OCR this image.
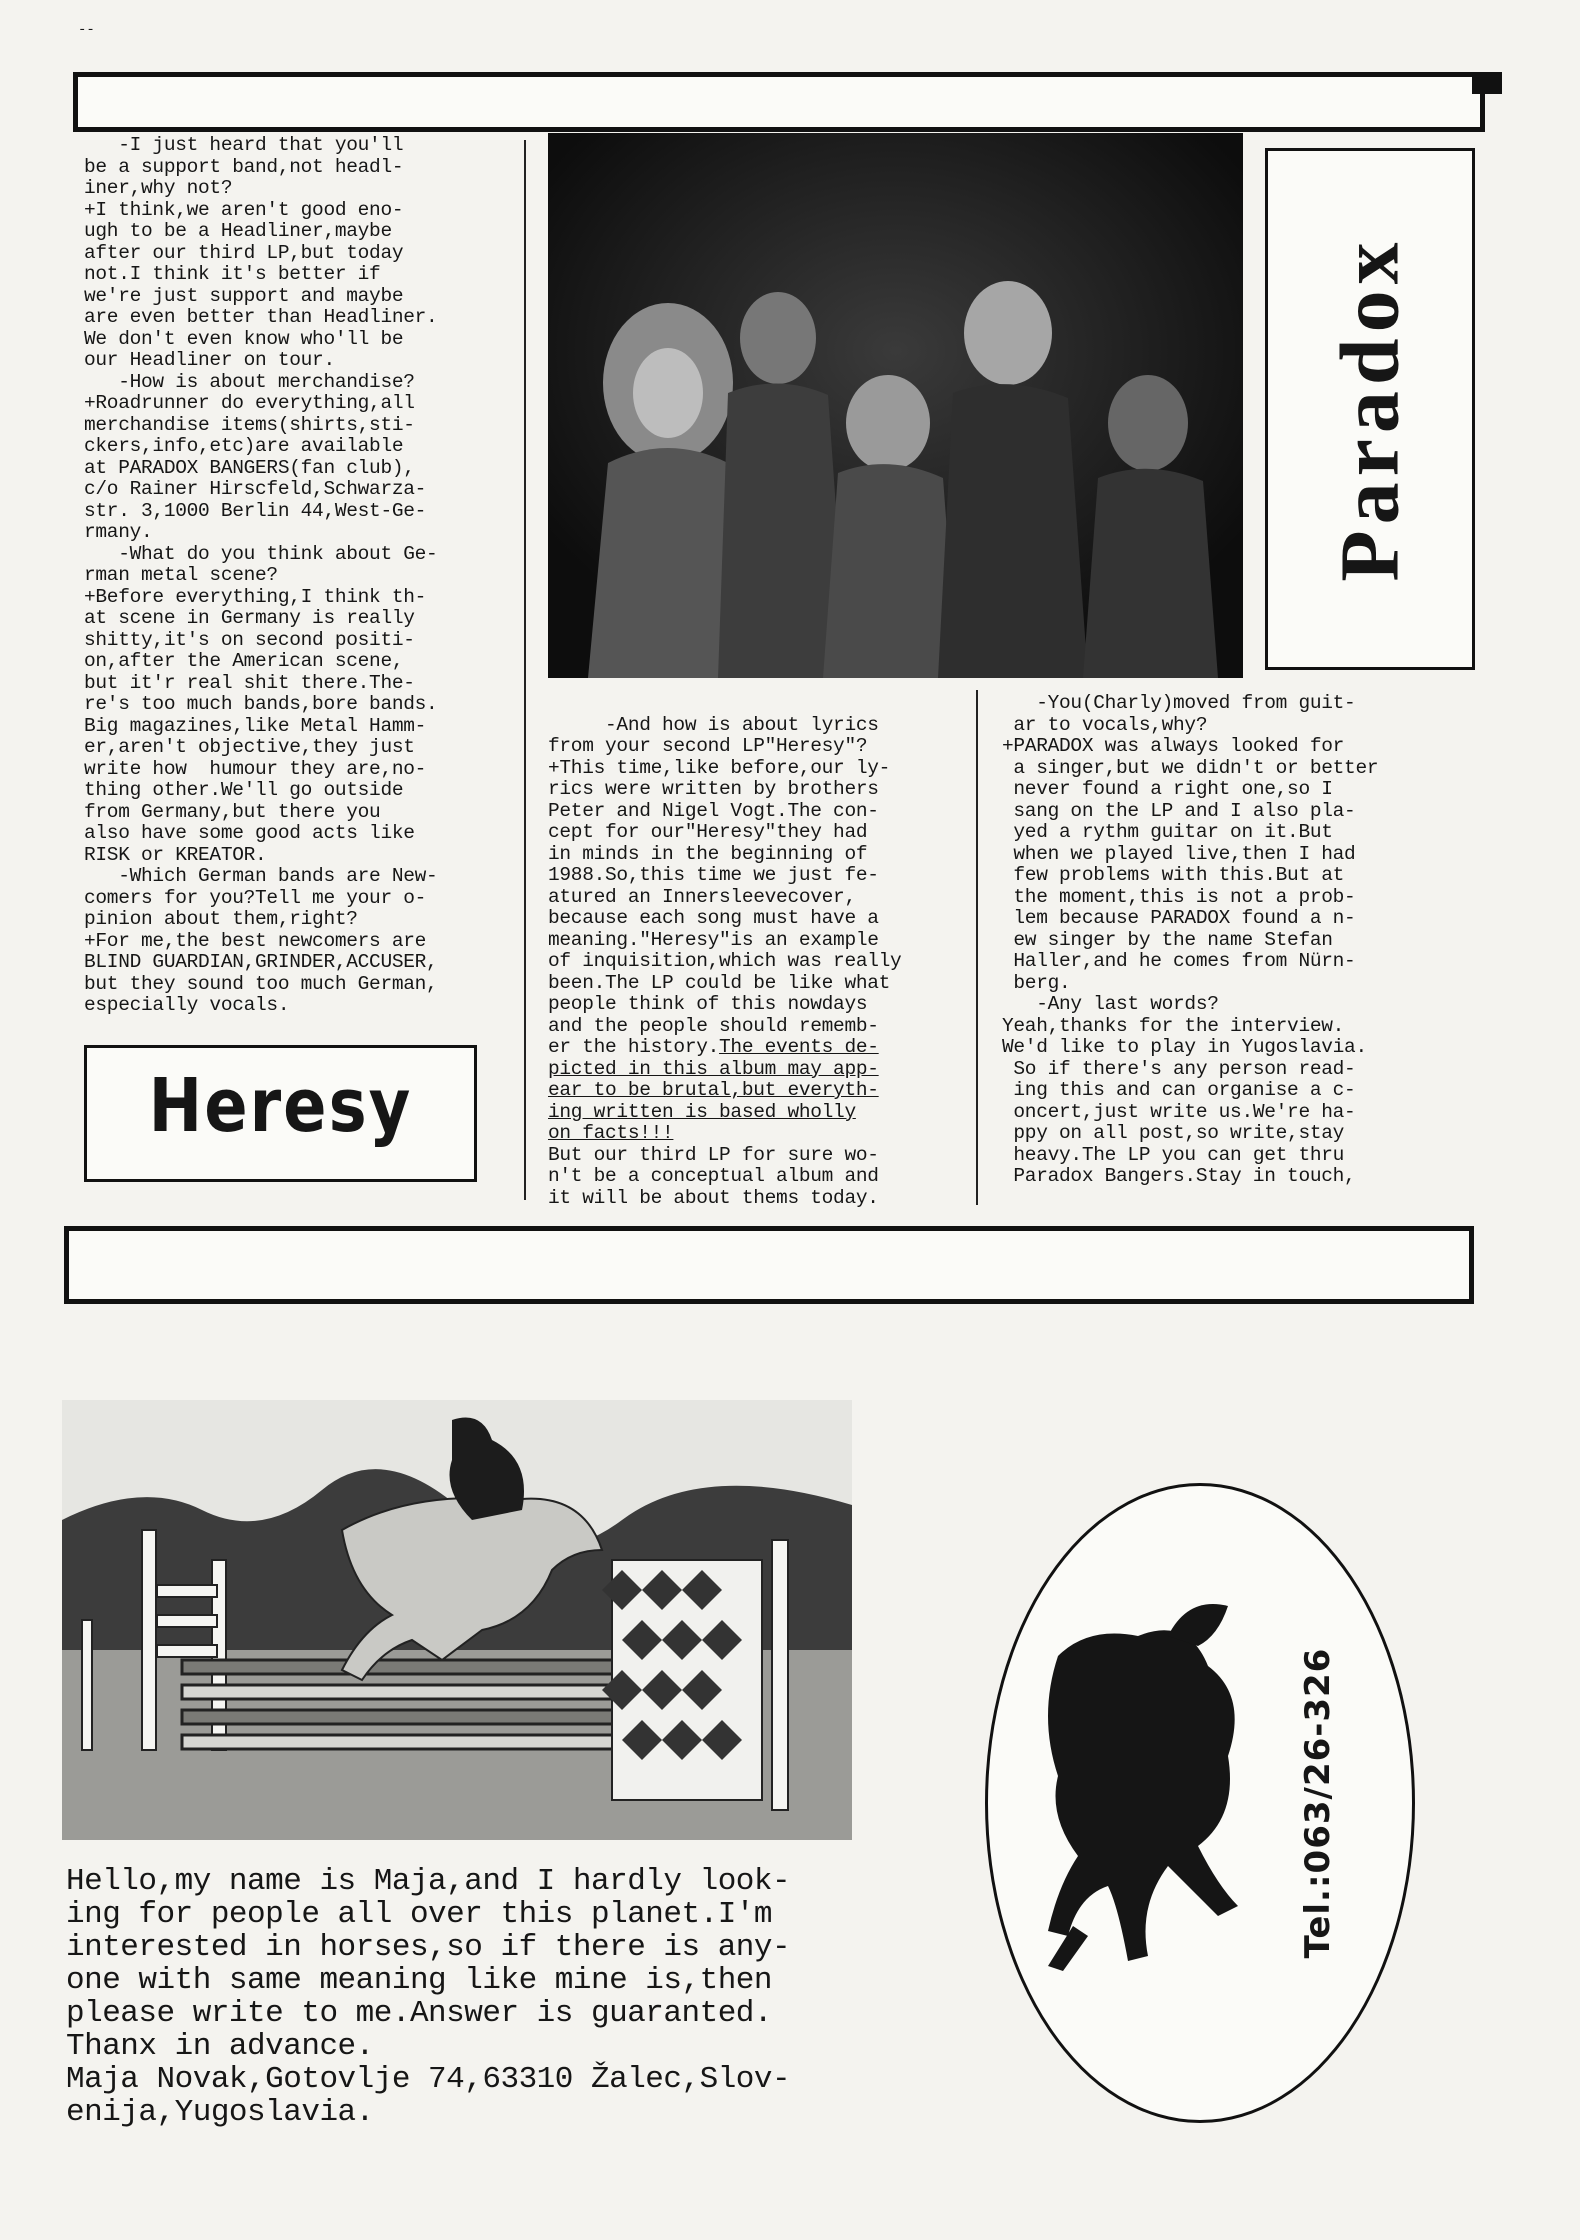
--
-I just heard that you′ll
be a support band,not headl-
iner,why not?
+I think,we aren′t good eno-
ugh to be a Headliner,maybe
after our third LP,but today
not.I think it′s better if
we′re just support and maybe
are even better than Headliner.
We don′t even know who′ll be
our Headliner on tour.
-How is about merchandise?
+Roadrunner do everything,all
merchandise items(shirts,sti-
ckers,info,etc)are available
at PARADOX BANGERS(fan club),
c/o Rainer Hirscfeld,Schwarza-
str. 3,1000 Berlin 44,West-Ge-
rmany.
-What do you think about Ge-
rman metal scene?
+Before everything,I think th-
at scene in Germany is really
shitty,it′s on second positi-
on,after the American scene,
but it′r real shit there.The-
re′s too much bands,bore bands.
Big magazines,like Metal Hamm-
er,aren′t objective,they just
write how  humour they are,no-
thing other.We′ll go outside
from Germany,but there you
also have some good acts like
RISK or KREATOR.
-Which German bands are New-
comers for you?Tell me your o-
pinion about them,right?
+For me,the best newcomers are
BLIND GUARDIAN,GRINDER,ACCUSER,
but they sound too much German,
especially vocals.
Paradox

-And how is about lyrics
from your second LP"Heresy"?
+This time,like before,our ly-
rics were written by brothers
Peter and Nigel Vogt.The con-
cept for our"Heresy"they had
in minds in the beginning of
1988.So,this time we just fe-
atured an Innersleevecover,
because each song must have a
meaning."Heresy"is an example
of inquisition,which was really
been.The LP could be like what
people think of this nowdays
and the people should rememb-
er the history.The events de-
picted in this album may app-
ear to be brutal,but everyth-
ing written is based wholly
on facts!!!
But our third LP for sure wo-
n′t be a conceptual album and
it will be about thems today.

-You(Charly)moved from guit-
ar to vocals,why?
+PARADOX was always looked for
a singer,but we didn′t or better
never found a right one,so I
sang on the LP and I also pla-
yed a rythm guitar on it.But
when we played live,then I had
few problems with this.But at
the moment,this is not a prob-
lem because PARADOX found a n-
ew singer by the name Stefan
Haller,and he comes from Nürn-
berg.
-Any last words?
Yeah,thanks for the interview.
We′d like to play in Yugoslavia.
So if there′s any person read-
ing this and can organise a c-
oncert,just write us.We′re ha-
ppy on all post,so write,stay
heavy.The LP you can get thru
Paradox Bangers.Stay in touch,
Heresy
Hello,my name is Maja,and I hardly look-
ing for people all over this planet.I′m
interested in horses,so if there is any-
one with same meaning like mine is,then
please write to me.Answer is guaranted.
Thanx in advance.
Maja Novak,Gotovlje 74,63310 Žalec,Slov-
enija,Yugoslavia.
Tel.:063/26-326
